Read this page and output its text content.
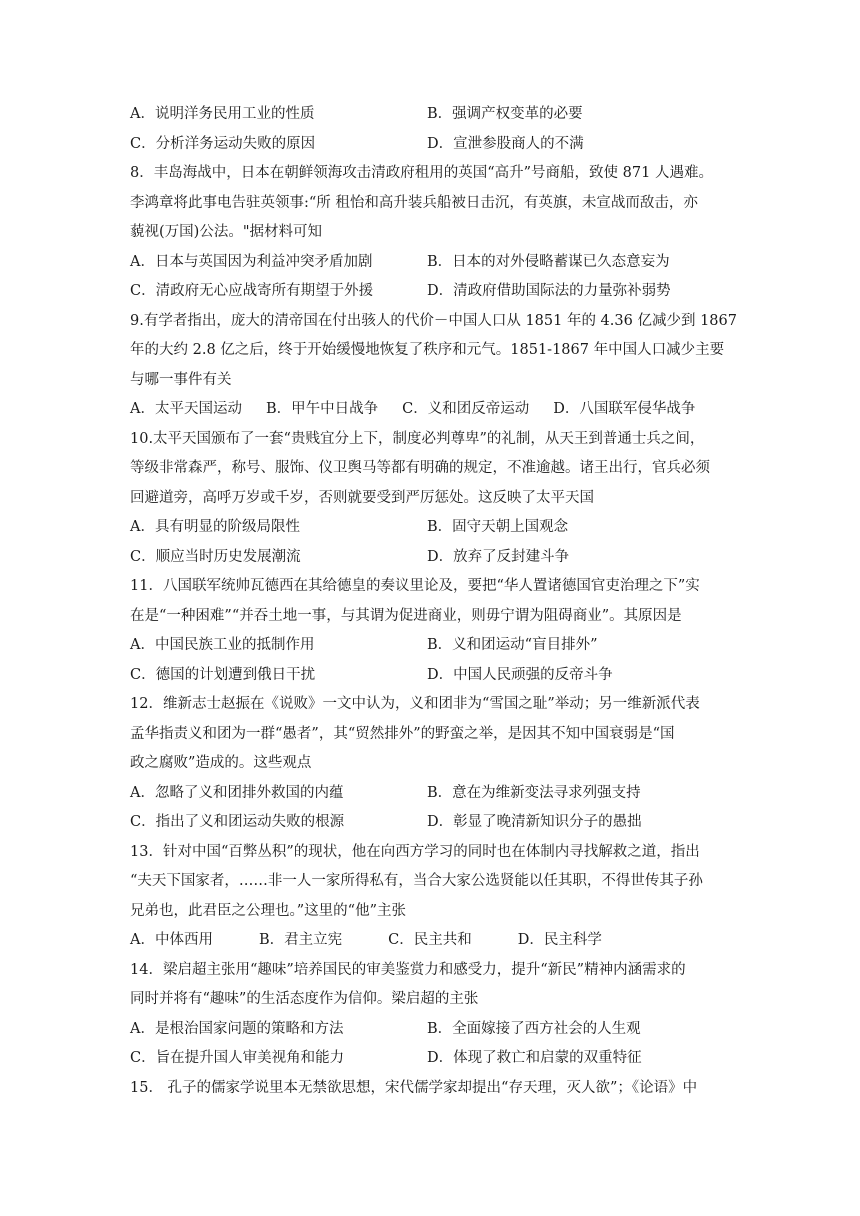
A．说明洋务民用工业的性质	B．强调产权变革的必要
C．分析洋务运动失败的原因	D．宣泄参股商人的不满

8．丰岛海战中，日本在朝鲜领海攻击清政府租用的英国“高升”号商船，致使 871 人遇难。

李鸿章将此事电告驻英领事:“所 租怡和高升装兵船被日击沉，有英旗，未宣战而敌击，亦

藐视(万国)公法。"据材料可知

A．日本与英国因为利益冲突矛盾加剧	B．日本的对外侵略蓄谋已久态意妄为
C．清政府无心应战寄所有期望于外援	D．清政府借助国际法的力量弥补弱势

9.有学者指出，庞大的清帝国在付出骇人的代价－中国人口从 1851 年的 4.36 亿减少到 1867

年的大约 2.8 亿之后，终于开始缓慢地恢复了秩序和元气。1851-1867 年中国人口减少主要

与哪一事件有关

A．太平天国运动 B．甲午中日战争 C．义和团反帝运动 D．八国联军侵华战争

10.太平天国颁布了一套“贵贱宜分上下，制度必判尊卑”的礼制，从天王到普通士兵之间，

等级非常森严，称号、服饰、仪卫舆马等都有明确的规定，不准逾越。诸王出行，官兵必须

回避道旁，高呼万岁或千岁，否则就要受到严厉惩处。这反映了太平天国

A．具有明显的阶级局限性	B．固守天朝上国观念
C．顺应当时历史发展潮流	D．放弃了反封建斗争

11．八国联军统帅瓦德西在其给德皇的奏议里论及，要把“华人置诸德国官吏治理之下”实

在是“一种困难”“并吞土地一事，与其谓为促进商业，则毋宁谓为阻碍商业”。其原因是

A．中国民族工业的抵制作用	B．义和团运动“盲目排外”
C．德国的计划遭到俄日干扰	D．中国人民顽强的反帝斗争

12．维新志士赵振在《说败》一文中认为，义和团非为“雪国之耻”举动；另一维新派代表

孟华指责义和团为一群“愚者”，其“贸然排外”的野蛮之举，是因其不知中国衰弱是“国

政之腐败”造成的。这些观点

A．忽略了义和团排外救国的内蕴	B．意在为维新变法寻求列强支持
C．指出了义和团运动失败的根源	D．彰显了晚清新知识分子的愚拙

13．针对中国“百弊丛积”的现状，他在向西方学习的同时也在体制内寻找解救之道，指出

“夫天下国家者，……非一人一家所得私有，当合大家公选贤能以任其职，不得世传其子孙

兄弟也，此君臣之公理也。”这里的“他”主张

A．中体西用	B．君主立宪	C．民主共和	D．民主科学

14．梁启超主张用“趣味”培养国民的审美鉴赏力和感受力，提升“新民”精神内涵需求的

同时并将有“趣味”的生活态度作为信仰。梁启超的主张

A．是根治国家问题的策略和方法	B．全面嫁接了西方社会的人生观
C．旨在提升国人审美视角和能力	D．体现了救亡和启蒙的双重特征

15． 孔子的儒家学说里本无禁欲思想，宋代儒学家却提出“存天理，灭人欲”；《论语》中
